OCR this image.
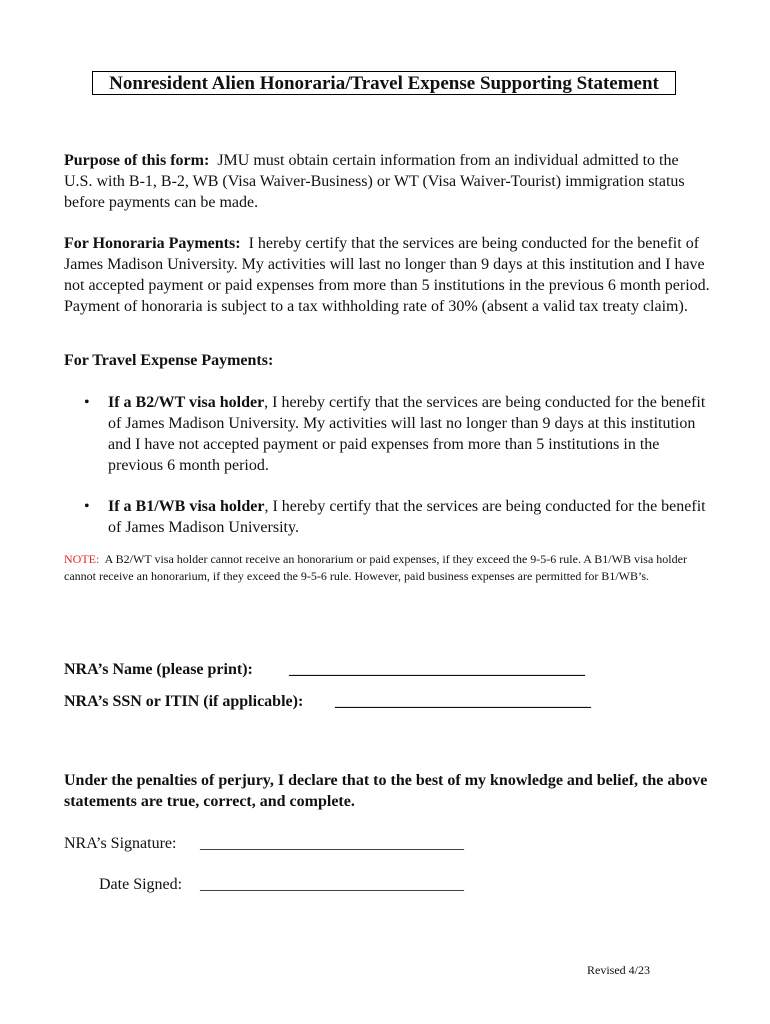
Nonresident Alien Honoraria/Travel Expense Supporting Statement
Purpose of this form: JMU must obtain certain information from an individual admitted to the U.S. with B-1, B-2, WB (Visa Waiver-Business) or WT (Visa Waiver-Tourist) immigration status before payments can be made.
For Honoraria Payments: I hereby certify that the services are being conducted for the benefit of James Madison University. My activities will last no longer than 9 days at this institution and I have not accepted payment or paid expenses from more than 5 institutions in the previous 6 month period. Payment of honoraria is subject to a tax withholding rate of 30% (absent a valid tax treaty claim).
For Travel Expense Payments:
• If a B2/WT visa holder, I hereby certify that the services are being conducted for the benefit of James Madison University. My activities will last no longer than 9 days at this institution and I have not accepted payment or paid expenses from more than 5 institutions in the previous 6 month period.
• If a B1/WB visa holder, I hereby certify that the services are being conducted for the benefit of James Madison University.
NOTE: A B2/WT visa holder cannot receive an honorarium or paid expenses, if they exceed the 9-5-6 rule. A B1/WB visa holder cannot receive an honorarium, if they exceed the 9-5-6 rule. However, paid business expenses are permitted for B1/WB’s.
NRA’s Name (please print): _____________________________________
NRA’s SSN or ITIN (if applicable): ________________________________
Under the penalties of perjury, I declare that to the best of my knowledge and belief, the above statements are true, correct, and complete.
NRA’s Signature: _________________________________
Date Signed: _________________________________
Revised 4/23
